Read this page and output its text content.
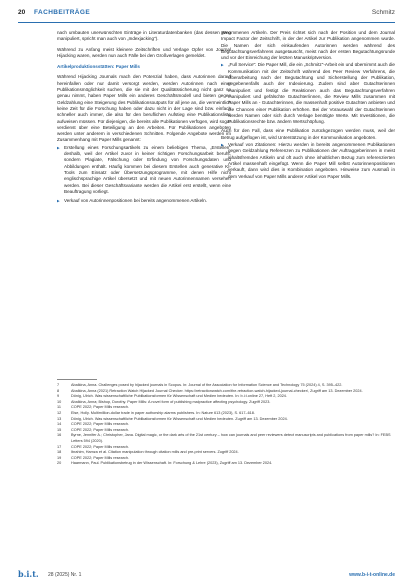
20 FACHBEITRÄGE	Schmitz

nach umbauten unerwünschten Einträge in Literaturdatenbanken (das dessen Weg manipuliert, spricht man auch von „Indexjacking").

Während zu Anfang meist kleinere Zeitschriften und Verlage Opfer von Journal Hijacking waren, werden nun auch Fälle bei den Großverlagen gemeldet.

Artikelproduktionsstätten: Paper Mills

Während Hijacking Journals mach den Potenzial haben, dass Autorinnen darauf hereinfallen oder nur damit versorgt werden, werden Autorinnen nach einer Publikationsmöglichkeit suchen, die sie mit der Qualitätssicherung nicht ganz so genau nimmt, haben Paper Mills ein anderes Geschäftsmodell und bieten gegen Geldzahlung eine Steigerung des Publikationsoutputs für all jene an, die vermeintlich keine Zeit für die Forschung haben oder dazu nicht in der Lage sind bzw. einfach schneller auch immer, die also für den beruflichen Aufstieg eine Publikationsliste aufweisen müssen. Für diejenigen, die bereits alle Publikationen verfügen, wird sogar verdienst über eine Beteiligung an den Arbeiten. Für Publikationen angeboten werden unter anderem in verschiedenen Schnitten. Folgende Angebote werden im Zusammenhang mit Paper Mills genannt:

▶ Erstellung eines Forschungsartikels zu einem beliebigen Thema, „Erstellen" deshalb, weil der Artikel zuvor in keiner richtigen Forschungsarbeit beruht, sondern Plagiate, Fälschung oder Erfindung von Forschungsdaten und Abbildungen enthält. Häufig kommen bei diesem Erstellen auch generative KI-Tools zum Einsatz oder Übersetzungsprogramme, mit denen Hilfe nicht englischsprachige Artikel übersetzt und mit neuen Autorinnennamen versehen werden. Bei dieser Geschäftsvariante werden die Artikel erst erstellt, wenn eine Beauftragung vorliegt.
▶ Verkauf von Autorinnenpositionen bei bereits angenommenen Artikeln.

genommenen Artikeln. Der Preis richtet sich nach der Position und dem Journal Impact Factor der Zeitschrift, in der der Artikel zur Publikation angenommen wurde. Die Namen der sich einkaufenden Autorinnen werden während des Begutachtungsverfahrens ausgetauscht, meist nach der ersten Begutachtungsrunde und vor der Einreichung der letzten Manuskriptversion.

▶ „Full Service": Die Paper Mill, die ein „Schmitz"-Arbeit ein und übernimmt auch die Kommunikation mit der Zeitschrift während des Peer Review Verfahrens, die Überarbeitung nach der Begutachtung und Sicherstellung der Publikation, gegebenenfalls auch der Indexierung. Zudem sind aber Gutachterinnen manipuliert und festigt die Reaktionen auch das Begutachtungsverfahren manipuliert und gefälschte Gutachter/innen, die Review Mills zusammen mit Paper Mills an - Gutachterinnen, die massenhaft positive Gutachten anbieten und die Chancen einer Publikation erhöhen. Bei der Vorauswahl der Gutachterinnen werden Namen oder sich durch Verlage benötigte Werte. Mit Investitionen, die Publikationsrechte bzw. ändern Wertschöpfung.

Auch für den Fall, dass eine Publikation zurückgezogen werden muss, weil der Betrug aufgeflogen ist, wird Unterstützung in der Kommunikation angeboten.

▶ Verkauf von Zitationen: Hierzu werden in bereits angenommenen Publikationen gegen Geldzahlung Referenzen zu Publikationen der Auftraggeberinnen in meist inhaltsfremden Artikeln und oft auch ohne inhaltlichen Bezug zum referenzierten Artikel massenhaft eingefügt. Wenn die Paper Mill selbst Autorinnenpositionen verkauft, dann wird dies in Kombination angeboten. Hinweise zum Ausmaß in dem Verkauf von Paper Mills anderer Artikel von Paper Mills.
7	Abalkina, Anna. Challenges posed by hijacked journals in Scopus. In: Journal of the Association for Information Science and Technology 75 (2024) 4, S. 395–422.
8	Abalkina, Anna (2021) Retraction Watch Hijacked Journal Checker. https://retractionwatch.com/the-retraction-watch-hijacked-journal-checker/, Zugriff am 13. Dezember 2024.
9	Dönig, Ulrich. Was wissenschaftliche Publikationsformen für Wissenschaft und Medien bedeuten. In: b.i.t.online 27, Heft 2, 2024.
10	Abalkina, Anna; Bishop, Dorothy. Paper Mills: A novel form of publishing malpractice affecting psychology. Zugriff 2023.
11	COPE 2022; Paper Mills research.
12	Else, Holly. Multimillion-dollar trade in paper authorship alarms publishers. In: Nature 613 (2023), S. 617–618.
13	Dönig, Ulrich. Was wissenschaftliche Publikationsformen für Wissenschaft und Medien bedeuten. Zugriff am 13. Dezember 2024.
14	COPE 2022; Paper Mills research.
15	COPE 2022; Paper Mills research.
16	Byrne, Jennifer A.; Christopher, Jana. Digital magic, or the dark arts of the 21st century – how can journals and peer reviewers detect manuscripts and publications from paper mills? In: FEBS Letters 594 (2020).
17	COPE 2022; Paper Mills research.
18	Ibrahim, Hamza et al. Citation manipulation through citation mills and pre-print servers. Zugriff 2024.
19	COPE 2022; Paper Mills research.
20	Haarmann, Paul. Publikationsbetrug in der Wissenschaft. In: Forschung & Lehre (2023), Zugriff am 13. Dezember 2024.
b.i.t. 28 (2025) Nr. 1	www.b-i-t-online.de
